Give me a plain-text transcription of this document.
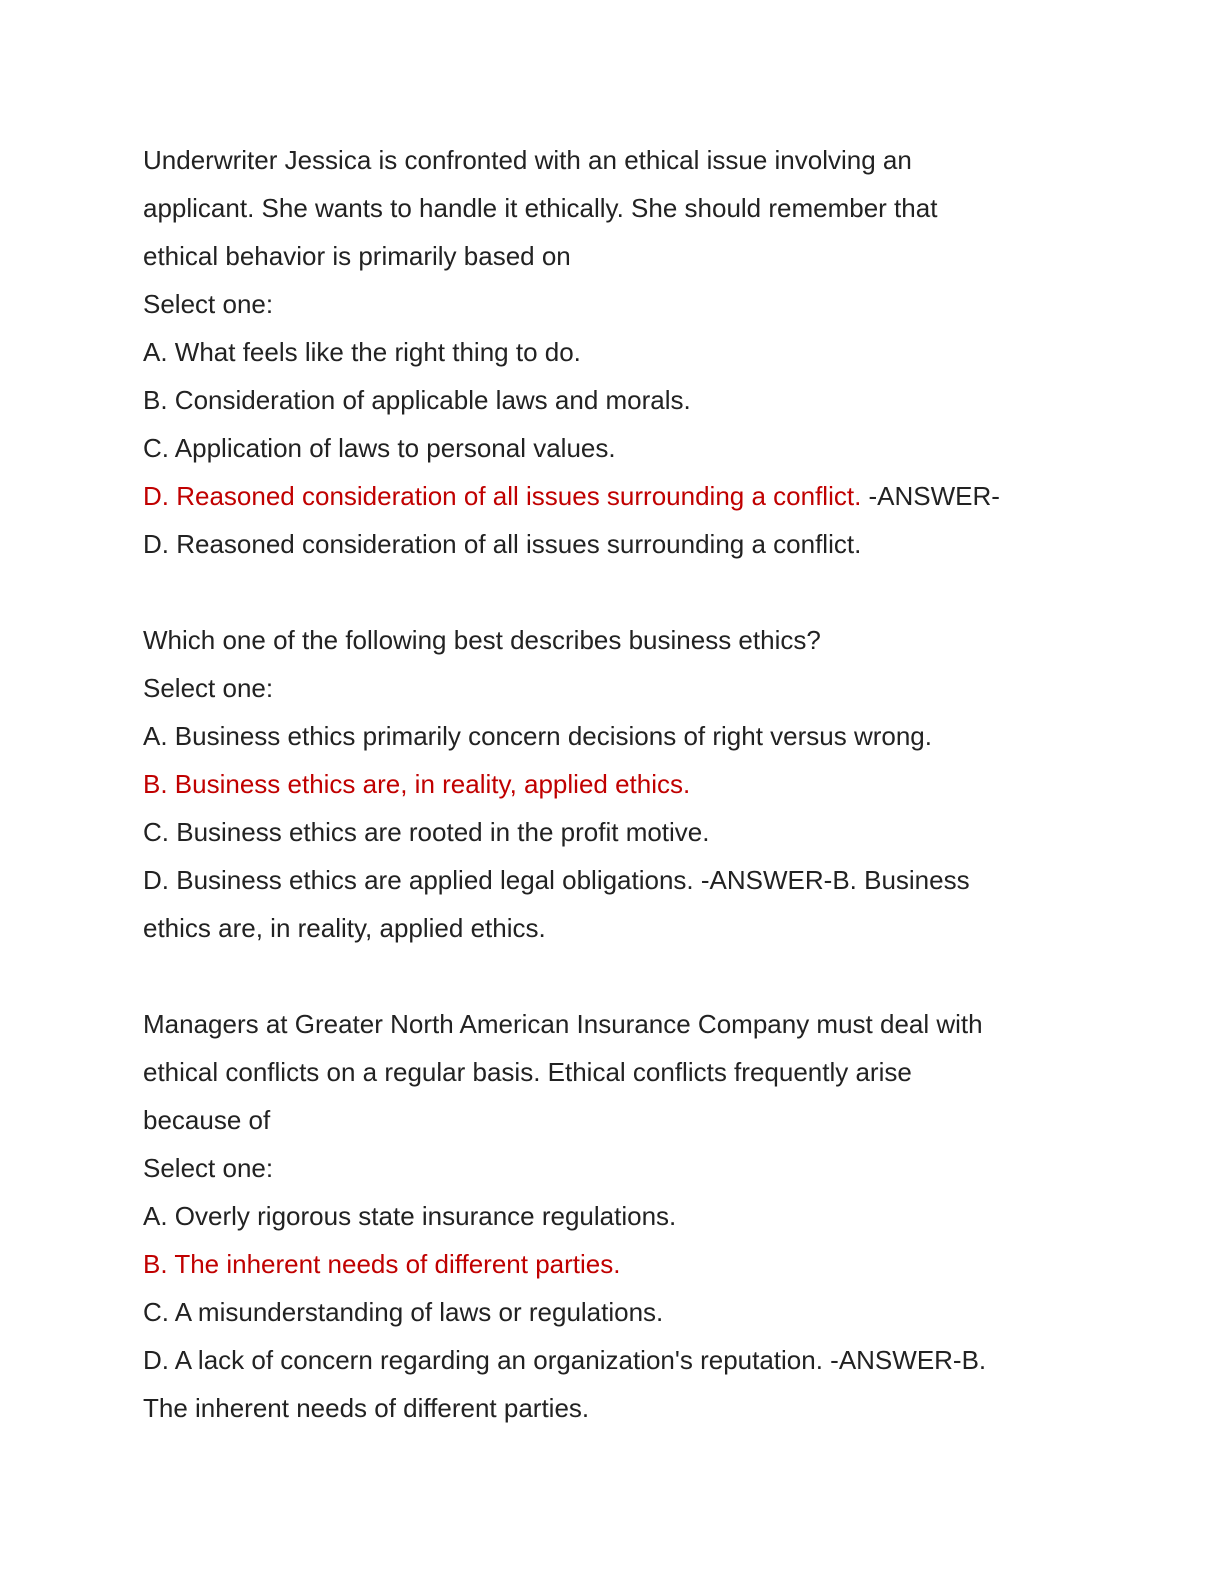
Underwriter Jessica is confronted with an ethical issue involving an
applicant. She wants to handle it ethically. She should remember that
ethical behavior is primarily based on
Select one:
A. What feels like the right thing to do.
B. Consideration of applicable laws and morals.
C. Application of laws to personal values.
D. Reasoned consideration of all issues surrounding a conflict. -ANSWER-
D. Reasoned consideration of all issues surrounding a conflict.
Which one of the following best describes business ethics?
Select one:
A. Business ethics primarily concern decisions of right versus wrong.
B. Business ethics are, in reality, applied ethics.
C. Business ethics are rooted in the profit motive.
D. Business ethics are applied legal obligations. -ANSWER-B. Business
ethics are, in reality, applied ethics.
Managers at Greater North American Insurance Company must deal with
ethical conflicts on a regular basis. Ethical conflicts frequently arise
because of
Select one:
A. Overly rigorous state insurance regulations.
B. The inherent needs of different parties.
C. A misunderstanding of laws or regulations.
D. A lack of concern regarding an organization's reputation. -ANSWER-B.
The inherent needs of different parties.
